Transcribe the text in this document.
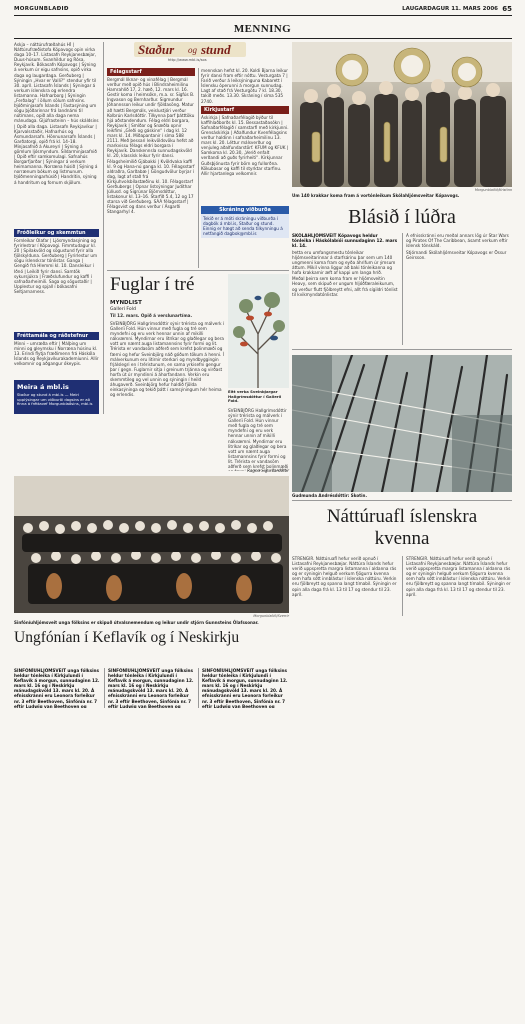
MORGUNBLAÐIÐ	LAUGARDAGUR 11. MARS 2006 65
MENNING
Askja – náttúrufræðahús HÍ | Náttúrufræðistofa Kópavogs opin virka daga 10–17. Listasafn Reykjanesbæjar, Duus-húsum. Svanhildur og Rósa, Reykjavík. Bókasafn Kópavogs | Sýning á verkum úr eigu safnsins, opið virka daga og laugardaga. Gerðuberg | Sýningin „Hvar er Valli?“ stendur yfir til 30. apríl. Listasafn Íslands | Sýningar á verkum íslenskra og erlendra listamanna. Hafnarborg | Sýningin „Ferðalag“ í öllum sölum safnsins. Þjóðminjasafn Íslands | Fastasýning um sögu þjóðarinnar frá landnámi til nútímans, opið alla daga nema mánudaga. Gljúfrasteinn – hús skáldsins | Opið alla daga. Listasafn Reykjavíkur | Kjarvalsstaðir, Hafnarhús og Ásmundarsafn. Hönnunarsafn Íslands | Garðatorgi, opið frá kl. 14–18. Minjasafnið á Akureyri | Sýning á gömlum ljósmyndum. Síldarminjasafnið | Opið eftir samkomulagi. Safnahús Borgarfjarðar | Sýningar á verkum heimamanna. Norræna húsið | Sýning á norrænum bókum og listmunum. Þjóðmenningarhúsið | Handritin, sýning á handritum og fornum skjölum.
Fróðleikur og skemmtun
Fornleikar Ólafar | Ljósmyndasýning og fyrirlestrar í Kópavogi. Fimmtudagur kl. 20 | Spilakvöld og sögustund fyrir alla fjölskylduna. Gerðuberg | Fyrirlestur um sögu íslenskrar tónlistar. Ganga | Gengið frá Hlemmi kl. 10. Dansleikur í Iðnó | Leikið fyrir dansi. Samtök sykursjúkra | Fræðslufundur og kaffi í safnaðarheimili. Saga og sögustaðir | Upplestur og spjall í bókasafni Seltjarnarness.
Fréttamála og ráðstefnur
Minni – umræða eftir | Málþing um minni og gleymsku í Norræna húsinu kl. 13. Erindi flytja fræðimenn frá Háskóla Íslands og Reykjavíkurakademíunni. Allir velkomnir og aðgangur ókeypis.
Meira á mbl.is
Staður og stund á mbl.is — Meiri upplýsingar um viðburði dagsins er að finna á fréttavef Morgunblaðsins, mbl.is
Staður og stund
http://www.mbl.is/sos
Félagsstarf
Bergmál líknar- og vinafélag | Bergmál verður með opið hús í Blindraheimilinu Hamrahlíð 17, 2. hæð, 12. mars kl. 16. Gestir koma í heimsókn, m.a. sr. Sigfús B. Ingvason og Bernharður. Sigmundur Jóhannsson leikur undir fjöldasöng. Matur að hætti Bergmáls, veislustjóri verður Kolbrún Karlsdóttir. Tilkynna þarf þátttöku hjá aðstandendum. Félag eldri borgara, Reykjavík | Smíðar og Snæðla opnir leikfimi „Gleði og gáskinn“ í dag kl. 12 mars kl. 14. Miðapantanir í síma 588 2111. Með þessari leikvöldsvöku hefst að markvissu félags eldri borgara í Reykjavík. Danskennsla sunnudagskvöld kl. 20, klassísk leikur fyrir dansi. Félagsheimilið Gjábakki | Kvöldvaka kaffi kl. 9 og Hana-nú ganga kl. 10. Félagsstarf aldraðra, Garðabæ | Göngudvölur byrjar í dag, lagt af stað frá Kirkjuhvolsbílastæðinu kl. 10. Félagsstarf Gerðubergs | Opnar listsýningar Judithar Júlíusd. og Sigrúnar Björnsdóttur, listakonur kl. 13–16. Starfið 5.4, 12 og 17 starsa við Gerðuberg. SÁÁ félagsstarf | Félagsvist og dans verður í Ásgarði Stangarhyl 4.
mennskan hefst kl. 20. Koldi Bjarna leikur fyrir dansi fram eftir nóttu. Vesturgata 7 | Farið verður á leiksýninguna Kabarett í Íslensku óperunni á morgun sunnudag. Lagt af stað frá Vesturgötu 7 kl. 18.30, takið meðs. 13.30. Skráning í síma 535 2740.
Kirkjustarf
Áskirkja | Safnaðarfélagið býður til kaffihlaðborðs kl. 15. Bessastaðasókn | Safnaðarfélagið í samstarfi með kirkjunni. Grensáskirkja | Aðalfundur Kvenfélagsins verður haldinn í safnaðarheimilinu 13. mars kl. 20. Léttur málsverður og venjuleg aðalfundarstörf. KFUM og KFUK | Samkoma kl. 20.30, „Verið enfalt verðandi að guðs fyrirheiti“. Kirkjunnar Guðsþjónusta fyrir börn og fullorðna. Kökubasar og kaffi til styrktar starfinu. Allir hjartanlega velkomnir.
Skráning viðburða
Tekið er á móti skráningu viðburða í dagbók á mbl.is, Staður og stund. Einnig er hægt að senda tilkynningu á netfangið dagbok@mbl.is
Morgunblaðið/Kristinn
Um 140 krakkar koma fram á vortónleikum Skólahljómsveitar Kópavogs.
Blásið í lúðra
SKÓLAHLJÓMSVEIT Kópavogs heldur tónleika í Háskólabíói sunnudaginn 12. mars kl. 14.
Þetta eru umfangsmestu tónleikar hljómsveitarinnar á starfsárinu þar sem um 140 ungmenni koma fram og eyða áhrifum úr ýmsum áttum. Mikil vinna liggur að baki tónleikanna og hafa krakkarnir æft af kappi um langa hríð.
Meðal þeirra sem koma fram er hljómsveitin Heavy, sem skipuð er ungum hljóðfæraleikurum, og verður flutt fjölbreytt efni, allt frá sígildri tónlist til kvikmyndatónlistar.
Á efnisskránni eru meðal annars lög úr Star Wars og Pirates Of The Caribbean, ásamt verkum eftir íslensk tónskáld.
Stjórnandi Skólahljómsveitar Kópavogs er Össur Geirsson.
Fuglar í tré
MYNDLIST
Gallerí Fold
Til 12. mars. Opið á verslunartíma.
Eitt verka Sveinbjargar Hallgrímsdóttur í Galleríi Fold.
SVEINBJÖRG Hallgrímsdóttir sýnir trérista og málverk í Galleríi Fold. Hún vinnur með fugla og tré sem myndefni og eru verk hennar unnin af mikilli nákvæmni. Myndirnar eru litríkar og glaðlegar og bera vott um næmt auga listamannsins fyrir formi og lit. Trérista er vandasöm aðferð sem krefst þolinmæði og færni og hefur Sveinbjörg náð góðum tökum á henni. Í málverkunum eru litirnir sterkari og myndbyggingin frjálslegri en í tréristunum, en sama yrkisefni gengur þar í gegn. Fuglarnir sitja í greinum trjánna og virðast horfa út úr myndinni á áhorfandann. Verkin eru skemmtileg og vel unnin og sýningin í heild áhugaverð. Sveinbjörg hefur haldið fjölda einkasýninga og tekið þátt í samsýningum hér heima og erlendis.
SVEINBJÖRG Hallgrímsdóttir sýnir trérista og málverk í Galleríi Fold. Hún vinnur með fugla og tré sem myndefni og eru verk hennar unnin af mikilli nákvæmni. Myndirnar eru litríkar og glaðlegar og bera vott um næmt auga listamannsins fyrir formi og lit. Trérista er vandasöm aðferð sem krefst þolinmæði
Ragna Sigurðardóttir
Gudmunda Andrésdóttir: Skotin.
Morgunblaðið/Sverrir
Sinfóníuhljómsveit unga fólksins er skipuð útvalsnemendum og leikur undir stjórn Gunnsteins Ólafssonar.
Ungfónían í Keflavík og í Neskirkju
SINFÓNÍUHLJÓMSVEIT unga fólksins heldur tónleika í Kirkjulundi í Keflavík á morgun, sunnudaginn 12. mars kl. 16 og í Neskirkju mánudagskvöld 13. mars kl. 20. Á efnisskránni eru Leonora forleikur nr. 3 eftir Beethoven, Sinfónía nr. 7 eftir Ludwig van Beethoven og
SINFÓNÍUHLJÓMSVEIT unga fólksins heldur tónleika í Kirkjulundi í Keflavík á morgun, sunnudaginn 12. mars kl. 16 og í Neskirkju mánudagskvöld 13. mars kl. 20. Á efnisskránni eru Leonora forleikur nr. 3 eftir Beethoven, Sinfónía nr. 7 eftir Ludwig van Beethoven og
SINFÓNÍUHLJÓMSVEIT unga fólksins heldur tónleika í Kirkjulundi í Keflavík á morgun, sunnudaginn 12. mars kl. 16 og í Neskirkju mánudagskvöld 13. mars kl. 20. Á efnisskránni eru Leonora forleikur nr. 3 eftir Beethoven, Sinfónía nr. 7 eftir Ludwig van Beethoven og
Náttúruafl íslenskra kvenna
STRENGIR. Náttúruafl hefur verið opnuð í Listasafni Reykjanesbæjar. Náttúra Íslands hefur verið uppspretta margra listamanna í aldanna rás og er sýningin helguð verkum fjögurra kvenna sem hafa sótt innblástur í íslenska náttúru. Verkin eru fjölbreytt og spanna langt tímabil. Sýningin er opin alla daga frá kl. 13 til 17 og stendur til 23. apríl.
STRENGIR. Náttúruafl hefur verið opnuð í Listasafni Reykjanesbæjar. Náttúra Íslands hefur verið uppspretta margra listamanna í aldanna rás og er sýningin helguð verkum fjögurra kvenna sem hafa sótt innblástur í íslenska náttúru. Verkin eru fjölbreytt og spanna langt tímabil. Sýningin er opin alla daga frá kl. 13 til 17 og stendur til 23. apríl.
